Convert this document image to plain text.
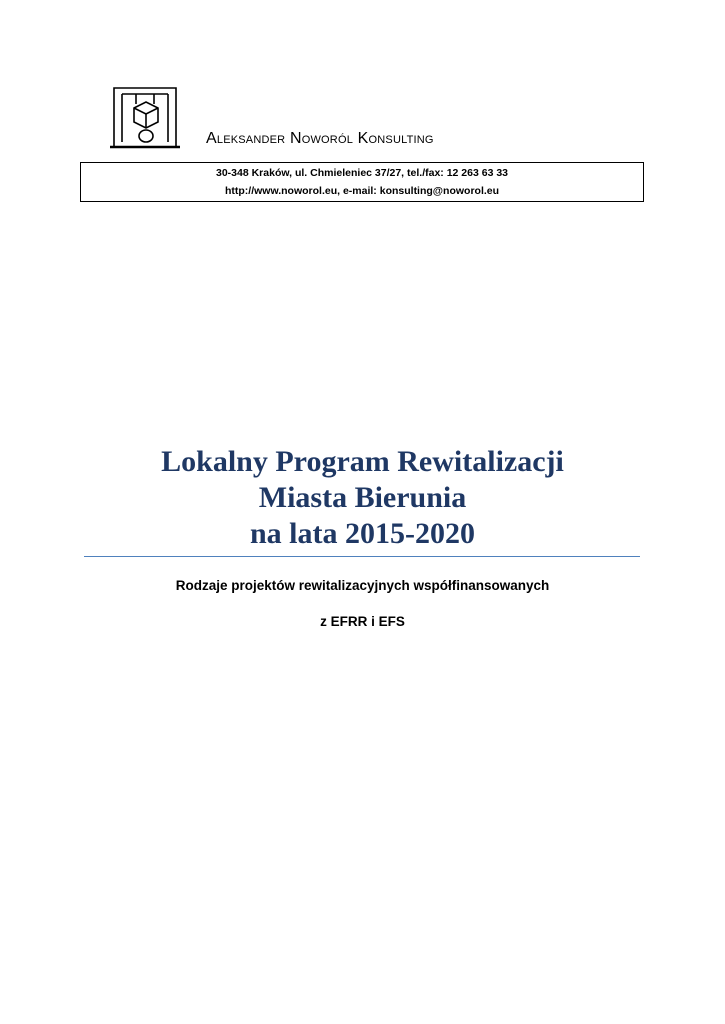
Aleksander Noworól Konsulting
30-348 Kraków, ul. Chmieleniec 37/27, tel./fax: 12 263 63 33
http://www.noworol.eu, e-mail: konsulting@noworol.eu
Lokalny Program Rewitalizacji
Miasta Bierunia
na lata 2015-2020
Rodzaje projektów rewitalizacyjnych współfinansowanych
z EFRR i EFS
